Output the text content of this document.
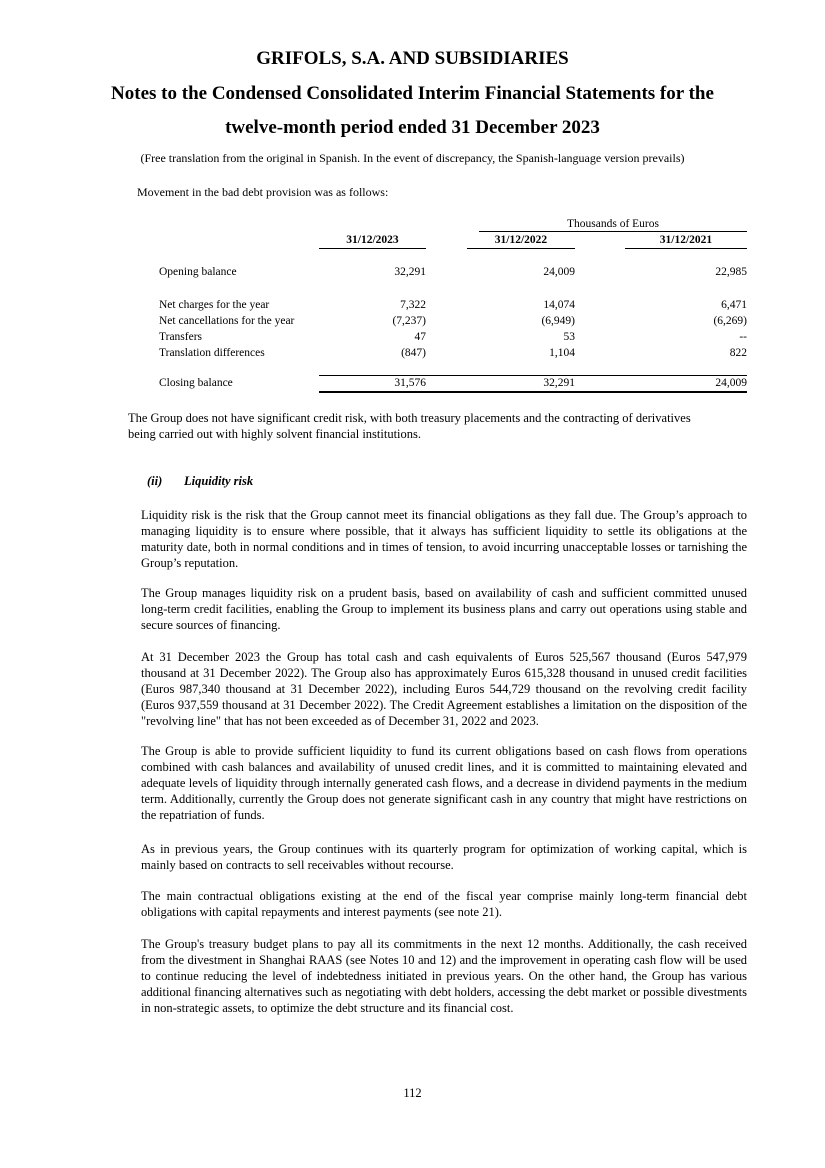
GRIFOLS, S.A. AND SUBSIDIARIES
Notes to the Condensed Consolidated Interim Financial Statements for the
twelve-month period ended 31 December 2023

(Free translation from the original in Spanish. In the event of discrepancy, the Spanish-language version prevails)

Movement in the bad debt provision was as follows:

Thousands of Euros
31/12/2023	31/12/2022	31/12/2021
Opening balance	32,291	24,009	22,985
Net charges for the year	7,322	14,074	6,471
Net cancellations for the year	(7,237)	(6,949)	(6,269)
Transfers	47	53	--
Translation differences	(847)	1,104	822
Closing balance	31,576	32,291	24,009

The Group does not have significant credit risk, with both treasury placements and the contracting of derivatives being carried out with highly solvent financial institutions.

(ii) Liquidity risk

Liquidity risk is the risk that the Group cannot meet its financial obligations as they fall due. The Group’s approach to managing liquidity is to ensure where possible, that it always has sufficient liquidity to settle its obligations at the maturity date, both in normal conditions and in times of tension, to avoid incurring unacceptable losses or tarnishing the Group’s reputation.

The Group manages liquidity risk on a prudent basis, based on availability of cash and sufficient committed unused long-term credit facilities, enabling the Group to implement its business plans and carry out operations using stable and secure sources of financing.

At 31 December 2023 the Group has total cash and cash equivalents of Euros 525,567 thousand (Euros 547,979 thousand at 31 December 2022). The Group also has approximately Euros 615,328 thousand in unused credit facilities (Euros 987,340 thousand at 31 December 2022), including Euros 544,729 thousand on the revolving credit facility (Euros 937,559 thousand at 31 December 2022). The Credit Agreement establishes a limitation on the disposition of the "revolving line" that has not been exceeded as of December 31, 2022 and 2023.

The Group is able to provide sufficient liquidity to fund its current obligations based on cash flows from operations combined with cash balances and availability of unused credit lines, and it is committed to maintaining elevated and adequate levels of liquidity through internally generated cash flows, and a decrease in dividend payments in the medium term. Additionally, currently the Group does not generate significant cash in any country that might have restrictions on the repatriation of funds.

As in previous years, the Group continues with its quarterly program for optimization of working capital, which is mainly based on contracts to sell receivables without recourse.

The main contractual obligations existing at the end of the fiscal year comprise mainly long-term financial debt obligations with capital repayments and interest payments (see note 21).

The Group's treasury budget plans to pay all its commitments in the next 12 months. Additionally, the cash received from the divestment in Shanghai RAAS (see Notes 10 and 12) and the improvement in operating cash flow will be used to continue reducing the level of indebtedness initiated in previous years. On the other hand, the Group has various additional financing alternatives such as negotiating with debt holders, accessing the debt market or possible divestments in non-strategic assets, to optimize the debt structure and its financial cost.

112
